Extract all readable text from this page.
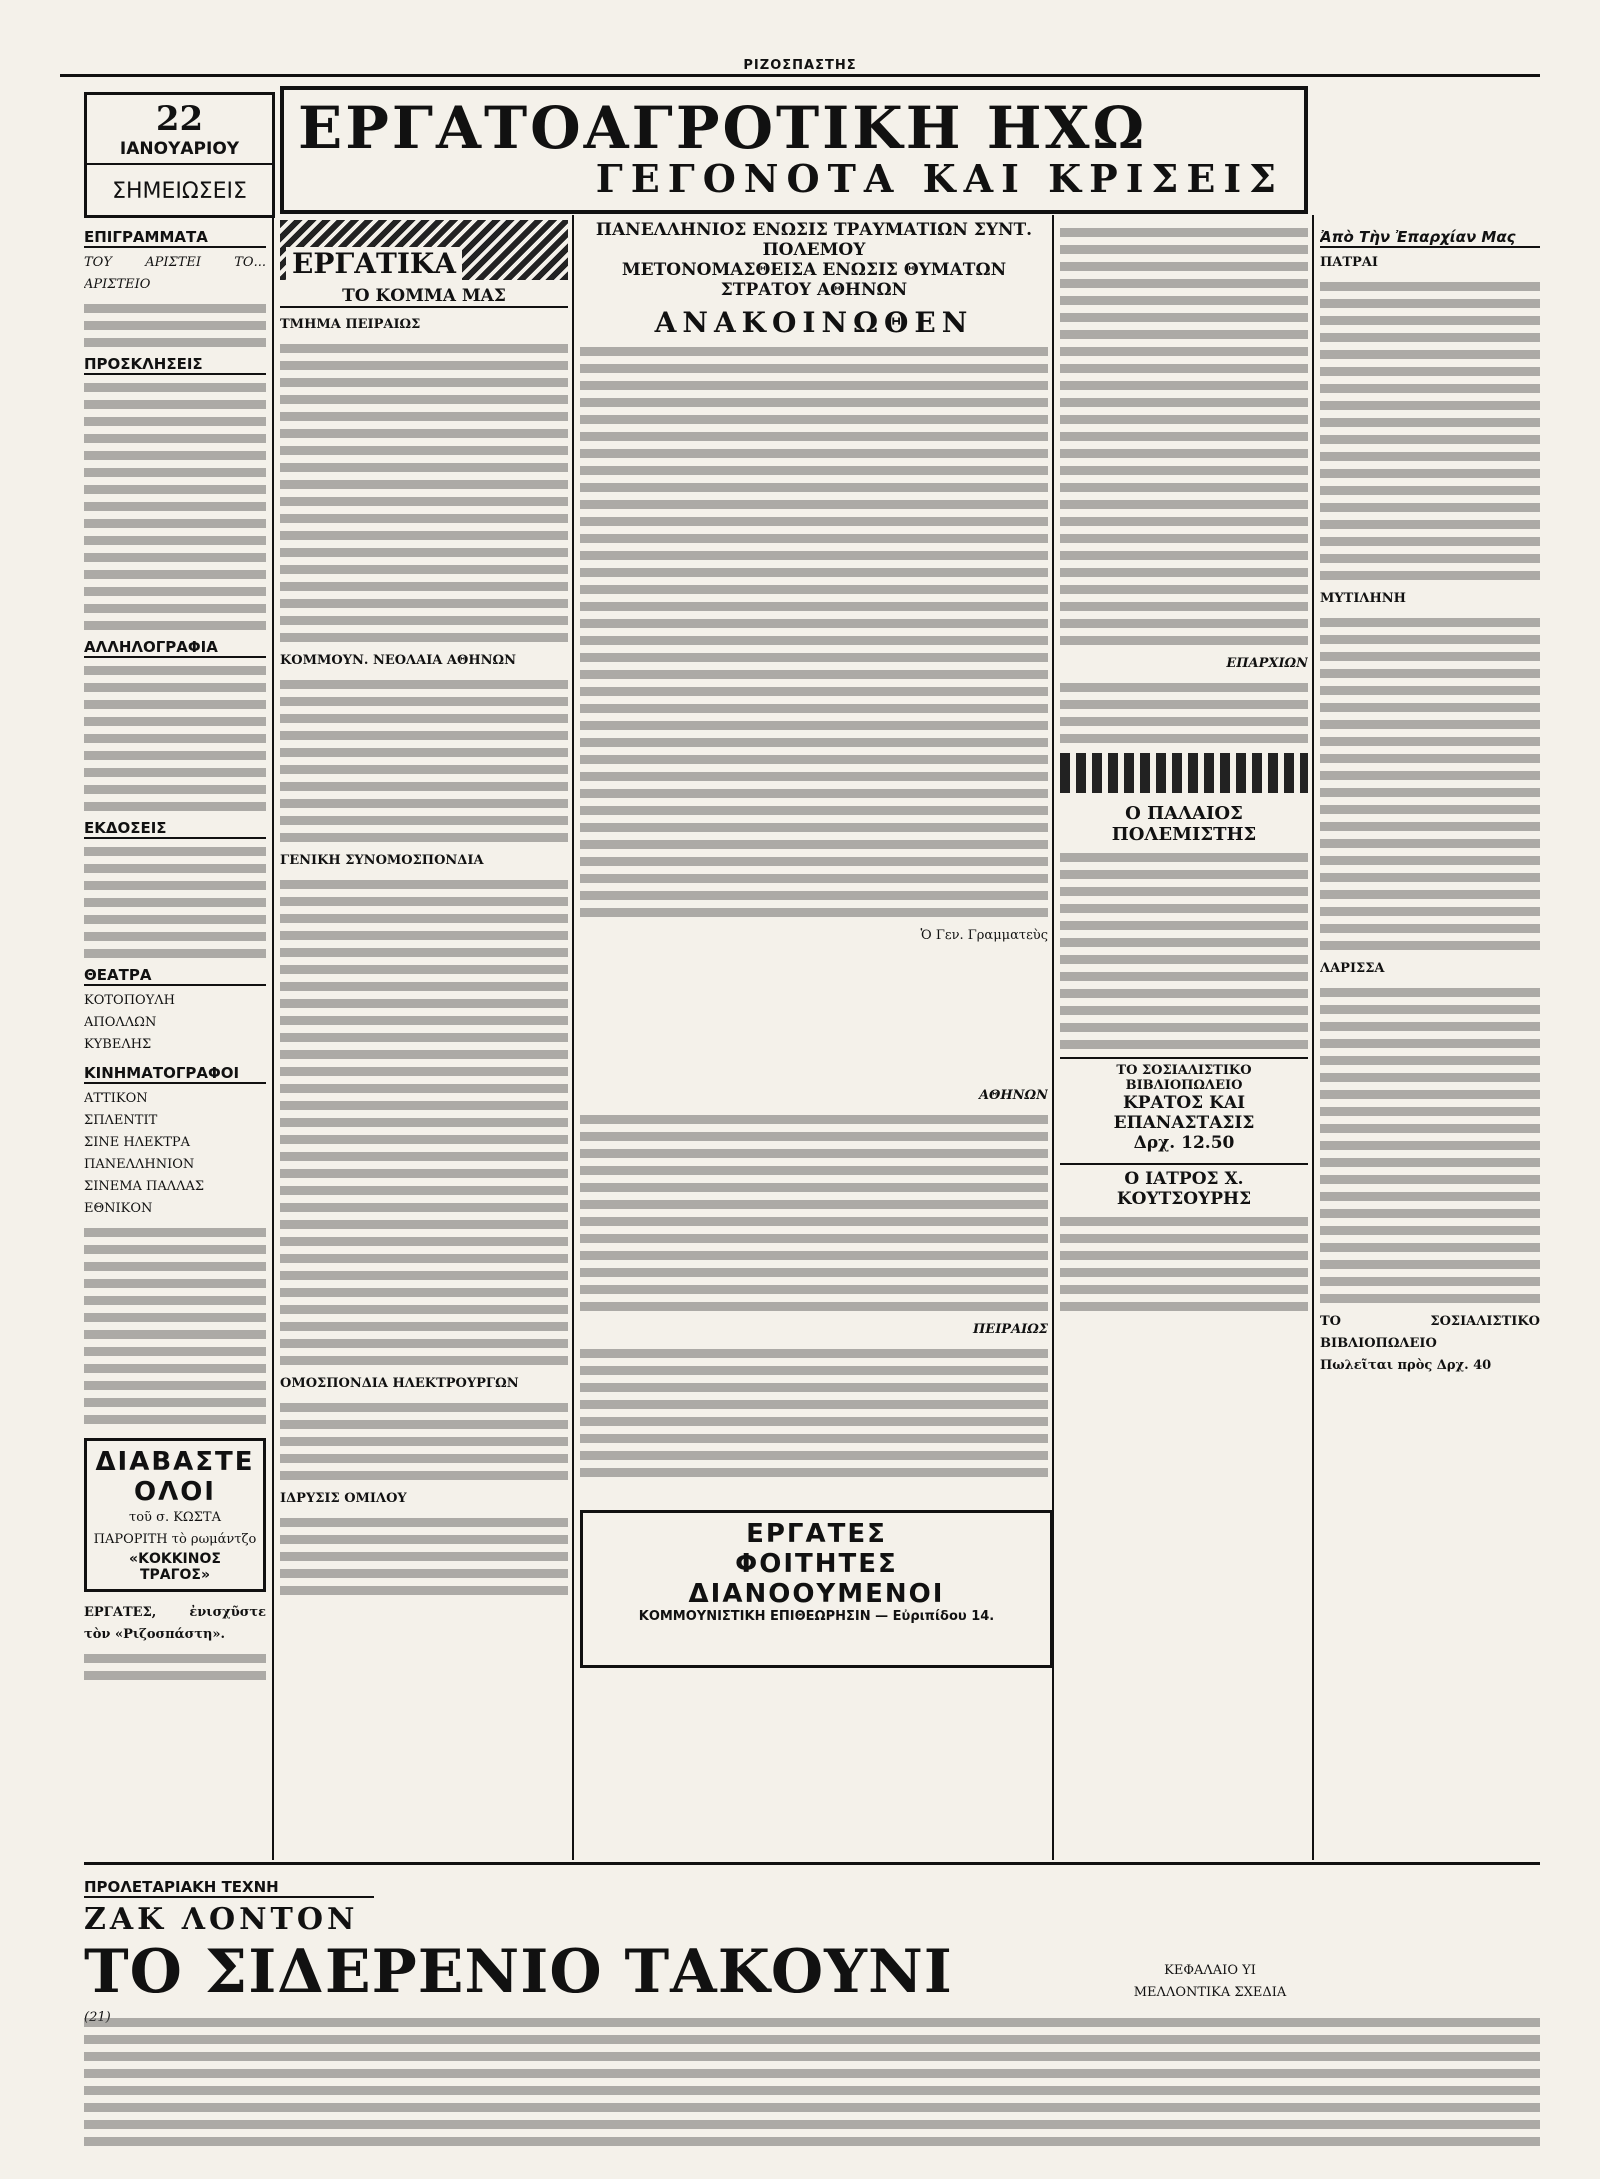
ΡΙΖΟΣΠΑΣΤΗΣ
22
ΙΑΝΟΥΑΡΙΟΥ
ΣΗΜΕΙΩΣΕΙΣ
ΕΡΓΑΤΟΑΓΡΟΤΙΚΗ ΗΧΩ
ΓΕΓΟΝΟΤΑ ΚΑΙ ΚΡΙΣΕΙΣ
ΕΠΙΓΡΑΜΜΑΤΑ
ΤΟΥ ΑΡΙΣΤΕΙ ΤΟ... ΑΡΙΣΤΕΙΟ
ΠΡΟΣΚΛΗΣΕΙΣ
ΑΛΛΗΛΟΓΡΑΦΙΑ
ΕΚΔΟΣΕΙΣ
ΘΕΑΤΡΑ
ΚΟΤΟΠΟΥΛΗ
ΑΠΟΛΛΩΝ
ΚΥΒΕΛΗΣ
ΚΙΝΗΜΑΤΟΓΡΑΦΟΙ
ΑΤΤΙΚΟΝ
ΣΠΛΕΝΤΙΤ
ΣΙΝΕ ΗΛΕΚΤΡΑ
ΠΑΝΕΛΛΗΝΙΟΝ
ΣΙΝΕΜΑ ΠΑΛΛΑΣ
ΕΘΝΙΚΟΝ
ΔΙΑΒΑΣΤΕ ΟΛΟΙ
τοῦ σ. ΚΩΣΤΑ ΠΑΡΟΡΙΤΗ τὸ ρωμάντζο
«ΚΟΚΚΙΝΟΣ ΤΡΑΓΟΣ»
ΕΡΓΑΤΕΣ, ἐνισχῦστε τὸν «Ριζοσπάστη».
ΕΡΓΑΤΙΚΑ
ΤΟ ΚΟΜΜΑ ΜΑΣ
ΤΜΗΜΑ ΠΕΙΡΑΙΩΣ
ΚΟΜΜΟΥΝ. ΝΕΟΛΑΙΑ ΑΘΗΝΩΝ
ΓΕΝΙΚΗ ΣΥΝΟΜΟΣΠΟΝΔΙΑ
ΟΜΟΣΠΟΝΔΙΑ ΗΛΕΚΤΡΟΥΡΓΩΝ
ΙΔΡΥΣΙΣ ΟΜΙΛΟΥ
ΠΑΝΕΛΛΗΝΙΟΣ ΕΝΩΣΙΣ ΤΡΑΥΜΑΤΙΩΝ ΣΥΝΤ. ΠΟΛΕΜΟΥ
ΜΕΤΟΝΟΜΑΣΘΕΙΣΑ ΕΝΩΣΙΣ ΘΥΜΑΤΩΝ ΣΤΡΑΤΟΥ ΑΘΗΝΩΝ
ΑΝΑΚΟΙΝΩΘΕΝ
Ὁ Γεν. Γραμματεὺς
Ἀπὸ Τὴν Ἐπαρχίαν Μας
ΠΑΤΡΑΙ
ΜΥΤΙΛΗΝΗ
ΛΑΡΙΣΣΑ
ΤΟ ΣΟΣΙΑΛΙΣΤΙΚΟ ΒΙΒΛΙΟΠΩΛΕΙΟ
Πωλεῖται πρὸς Δρχ. 40
ΕΠΑΡΧΙΩΝ
Ο ΠΑΛΑΙΟΣ ΠΟΛΕΜΙΣΤΗΣ
ΤΟ ΣΟΣΙΑΛΙΣΤΙΚΟ ΒΙΒΛΙΟΠΩΛΕΙΟ
ΚΡΑΤΟΣ ΚΑΙ ΕΠΑΝΑΣΤΑΣΙΣ
Δρχ. 12.50
Ο ΙΑΤΡΟΣ Χ. ΚΟΥΤΣΟΥΡΗΣ
ΑΘΗΝΩΝ
ΠΕΙΡΑΙΩΣ
ΕΡΓΑΤΕΣ
ΦΟΙΤΗΤΕΣ
ΔΙΑΝΟΟΥΜΕΝΟΙ
ΚΟΜΜΟΥΝΙΣΤΙΚΗ ΕΠΙΘΕΩΡΗΣΙΝ — Εὐριπίδου 14.
ΠΡΟΛΕΤΑΡΙΑΚΗ ΤΕΧΝΗ
ΖΑΚ ΛΟΝΤΟΝ
ΤΟ ΣΙΔΕΡΕΝΙΟ ΤΑΚΟΥΝΙ
(21)
ΚΕΦΑΛΑΙΟ ΥΙ
ΜΕΛΛΟΝΤΙΚΑ ΣΧΕΔΙΑ
